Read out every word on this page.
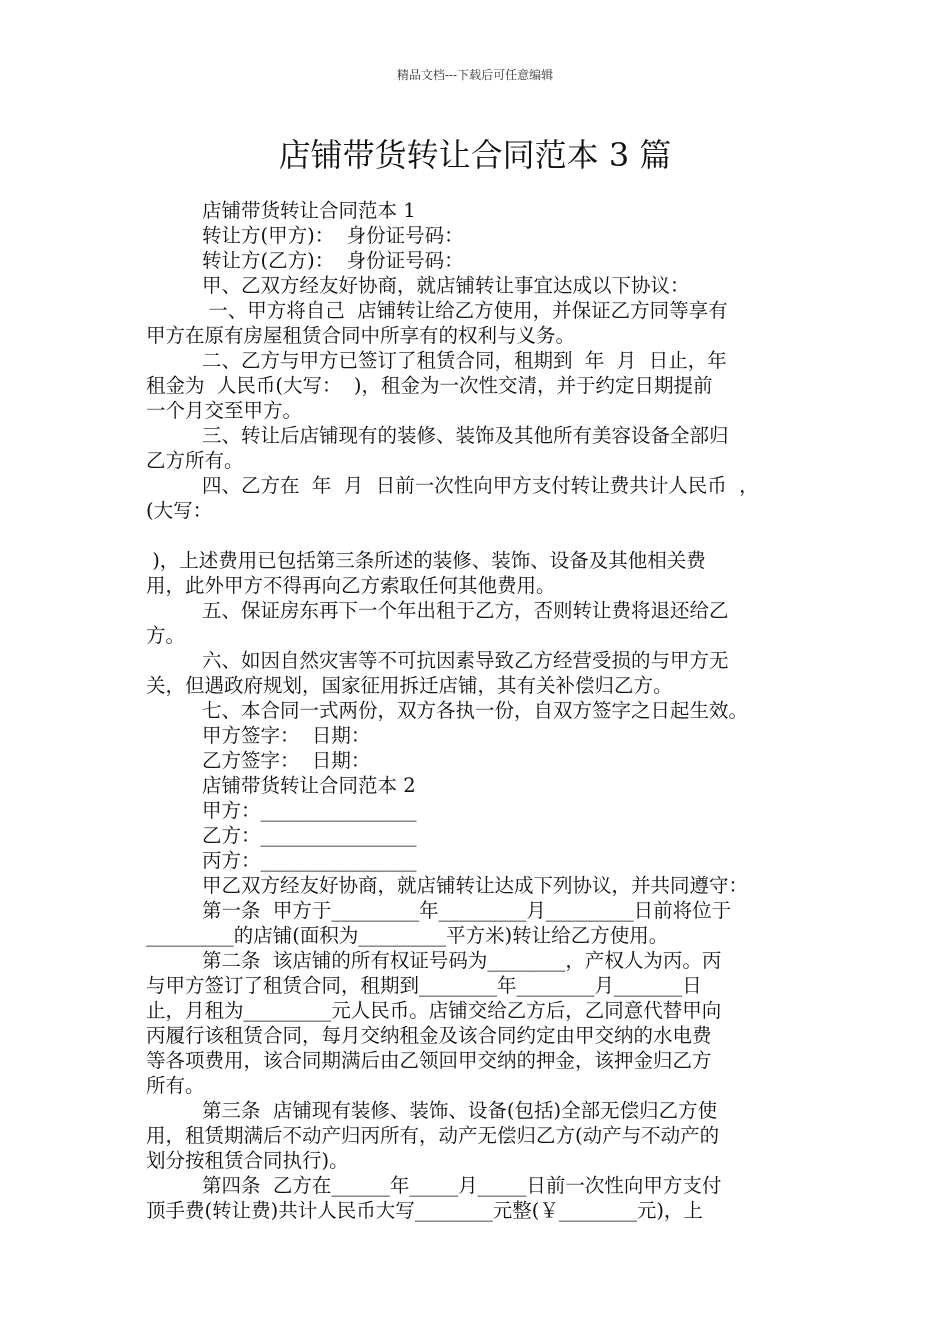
精品文档---下载后可任意编辑
店铺带货转让合同范本 3 篇
店铺带货转让合同范本 1
转让方(甲方)：  身份证号码：
转让方(乙方)：  身份证号码：
甲、乙双方经友好协商，就店铺转让事宜达成以下协议：
一、甲方将自己  店铺转让给乙方使用，并保证乙方同等享有
甲方在原有房屋租赁合同中所享有的权利与义务。
二、乙方与甲方已签订了租赁合同，租期到  年  月  日止，年
租金为  人民币(大写：  )，租金为一次性交清，并于约定日期提前
一个月交至甲方。
三、转让后店铺现有的装修、装饰及其他所有美容设备全部归
乙方所有。
四、乙方在  年  月  日前一次性向甲方支付转让费共计人民币  ，
(大写：

)，上述费用已包括第三条所述的装修、装饰、设备及其他相关费
用，此外甲方不得再向乙方索取任何其他费用。
五、保证房东再下一个年出租于乙方，否则转让费将退还给乙
方。
六、如因自然灾害等不可抗因素导致乙方经营受损的与甲方无
关，但遇政府规划，国家征用拆迁店铺，其有关补偿归乙方。
七、本合同一式两份，双方各执一份，自双方签字之日起生效。
甲方签字：  日期：
乙方签字：  日期：
店铺带货转让合同范本 2
甲方：________________
乙方：________________
丙方：________________
甲乙双方经友好协商，就店铺转让达成下列协议，并共同遵守：
第一条  甲方于_________年_________月_________日前将位于
_________的店铺(面积为_________平方米)转让给乙方使用。
第二条  该店铺的所有权证号码为________，产权人为丙。丙
与甲方签订了租赁合同，租期到________年________月_______日
止，月租为_________元人民币。店铺交给乙方后，乙同意代替甲向
丙履行该租赁合同，每月交纳租金及该合同约定由甲交纳的水电费
等各项费用，该合同期满后由乙领回甲交纳的押金，该押金归乙方
所有。
第三条  店铺现有装修、装饰、设备(包括)全部无偿归乙方使
用，租赁期满后不动产归丙所有，动产无偿归乙方(动产与不动产的
划分按租赁合同执行)。
第四条  乙方在______年_____月_____日前一次性向甲方支付
顶手费(转让费)共计人民币大写________元整(￥________元)，上
